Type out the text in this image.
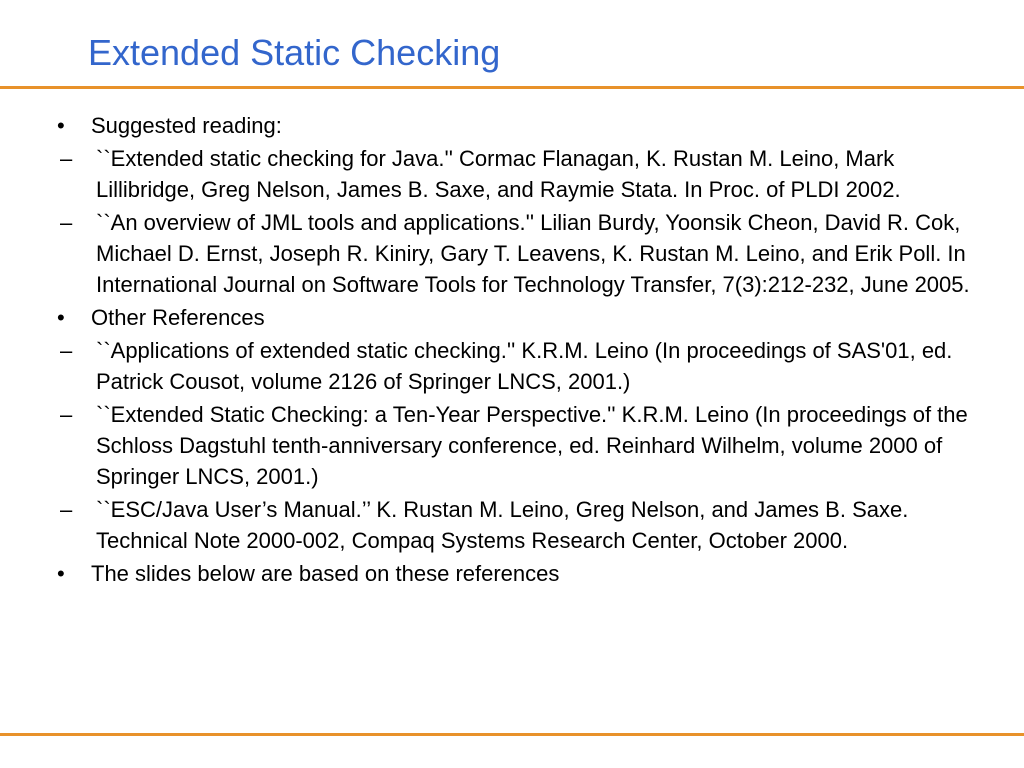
Extended Static Checking
• Suggested reading:
– ``Extended static checking for Java.'' Cormac Flanagan, K. Rustan M. Leino, Mark Lillibridge, Greg Nelson, James B. Saxe, and Raymie Stata. In Proc. of PLDI 2002.
– ``An overview of JML tools and applications.'' Lilian Burdy, Yoonsik Cheon, David R. Cok, Michael D. Ernst, Joseph R. Kiniry, Gary T. Leavens, K. Rustan M. Leino, and Erik Poll. In International Journal on Software Tools for Technology Transfer, 7(3):212-232, June 2005.
• Other References
– ``Applications of extended static checking.'' K.R.M. Leino (In proceedings of SAS'01, ed. Patrick Cousot, volume 2126 of Springer LNCS, 2001.)
– ``Extended Static Checking: a Ten-Year Perspective.'' K.R.M. Leino (In proceedings of the Schloss Dagstuhl tenth-anniversary conference, ed. Reinhard Wilhelm, volume 2000 of Springer LNCS, 2001.)
– ``ESC/Java User’s Manual.’’ K. Rustan M. Leino, Greg Nelson, and James B. Saxe. Technical Note 2000-002, Compaq Systems Research Center, October 2000.
• The slides below are based on these references
